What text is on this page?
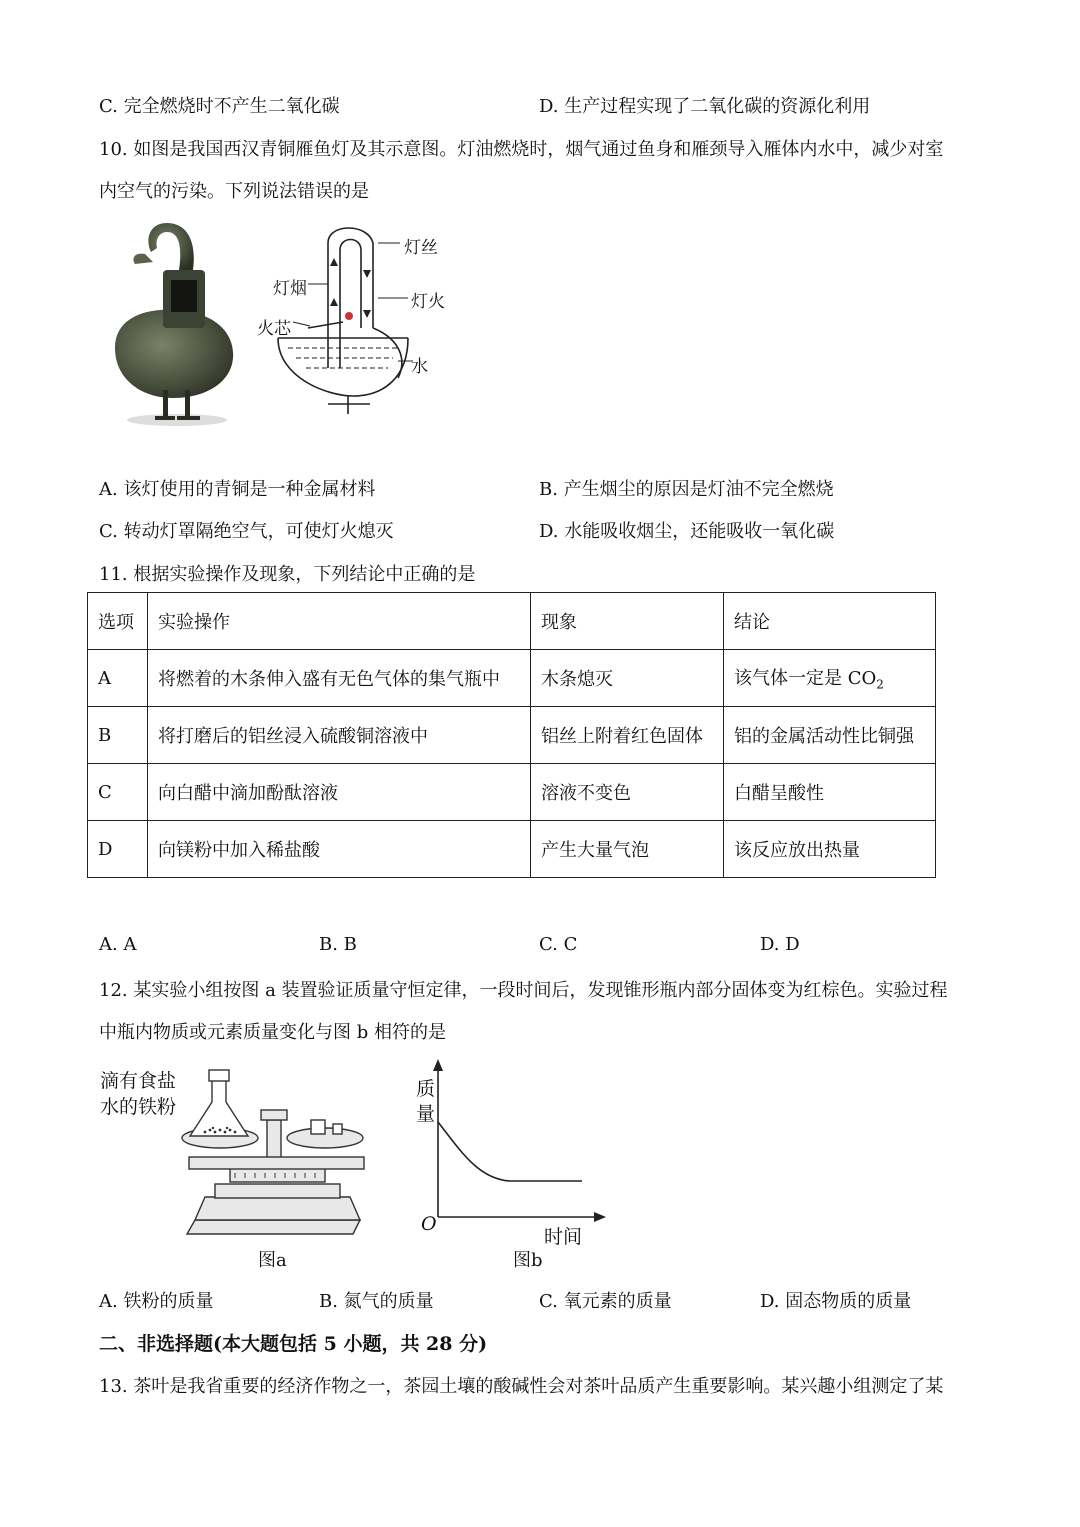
C. 完全燃烧时不产生二氧化碳	D. 生产过程实现了二氧化碳的资源化利用
10. 如图是我国西汉青铜雁鱼灯及其示意图。灯油燃烧时，烟气通过鱼身和雁颈导入雁体内水中，减少对室
内空气的污染。下列说法错误的是
灯丝
灯烟
灯火
火芯
水
A. 该灯使用的青铜是一种金属材料	B. 产生烟尘的原因是灯油不完全燃烧
C. 转动灯罩隔绝空气，可使灯火熄灭	D. 水能吸收烟尘，还能吸收一氧化碳
11. 根据实验操作及现象，下列结论中正确的是
选项	实验操作	现象	结论
A	将燃着的木条伸入盛有无色气体的集气瓶中	木条熄灭	该气体一定是 $CO_2$
B	将打磨后的铝丝浸入硫酸铜溶液中	铝丝上附着红色固体	铝的金属活动性比铜强
C	向白醋中滴加酚酞溶液	溶液不变色	白醋呈酸性
D	向镁粉中加入稀盐酸	产生大量气泡	该反应放出热量
A. A	B. B	C. C	D. D
12. 某实验小组按图 a 装置验证质量守恒定律，一段时间后，发现锥形瓶内部分固体变为红棕色。实验过程
中瓶内物质或元素质量变化与图 b 相符的是
滴有食盐
水的铁粉
图a
质
量
O
时间
图b
A. 铁粉的质量	B. 氮气的质量	C. 氧元素的质量	D. 固态物质的质量
二、非选择题(本大题包括 5 小题，共 28 分)
13. 茶叶是我省重要的经济作物之一，茶园土壤的酸碱性会对茶叶品质产生重要影响。某兴趣小组测定了某
